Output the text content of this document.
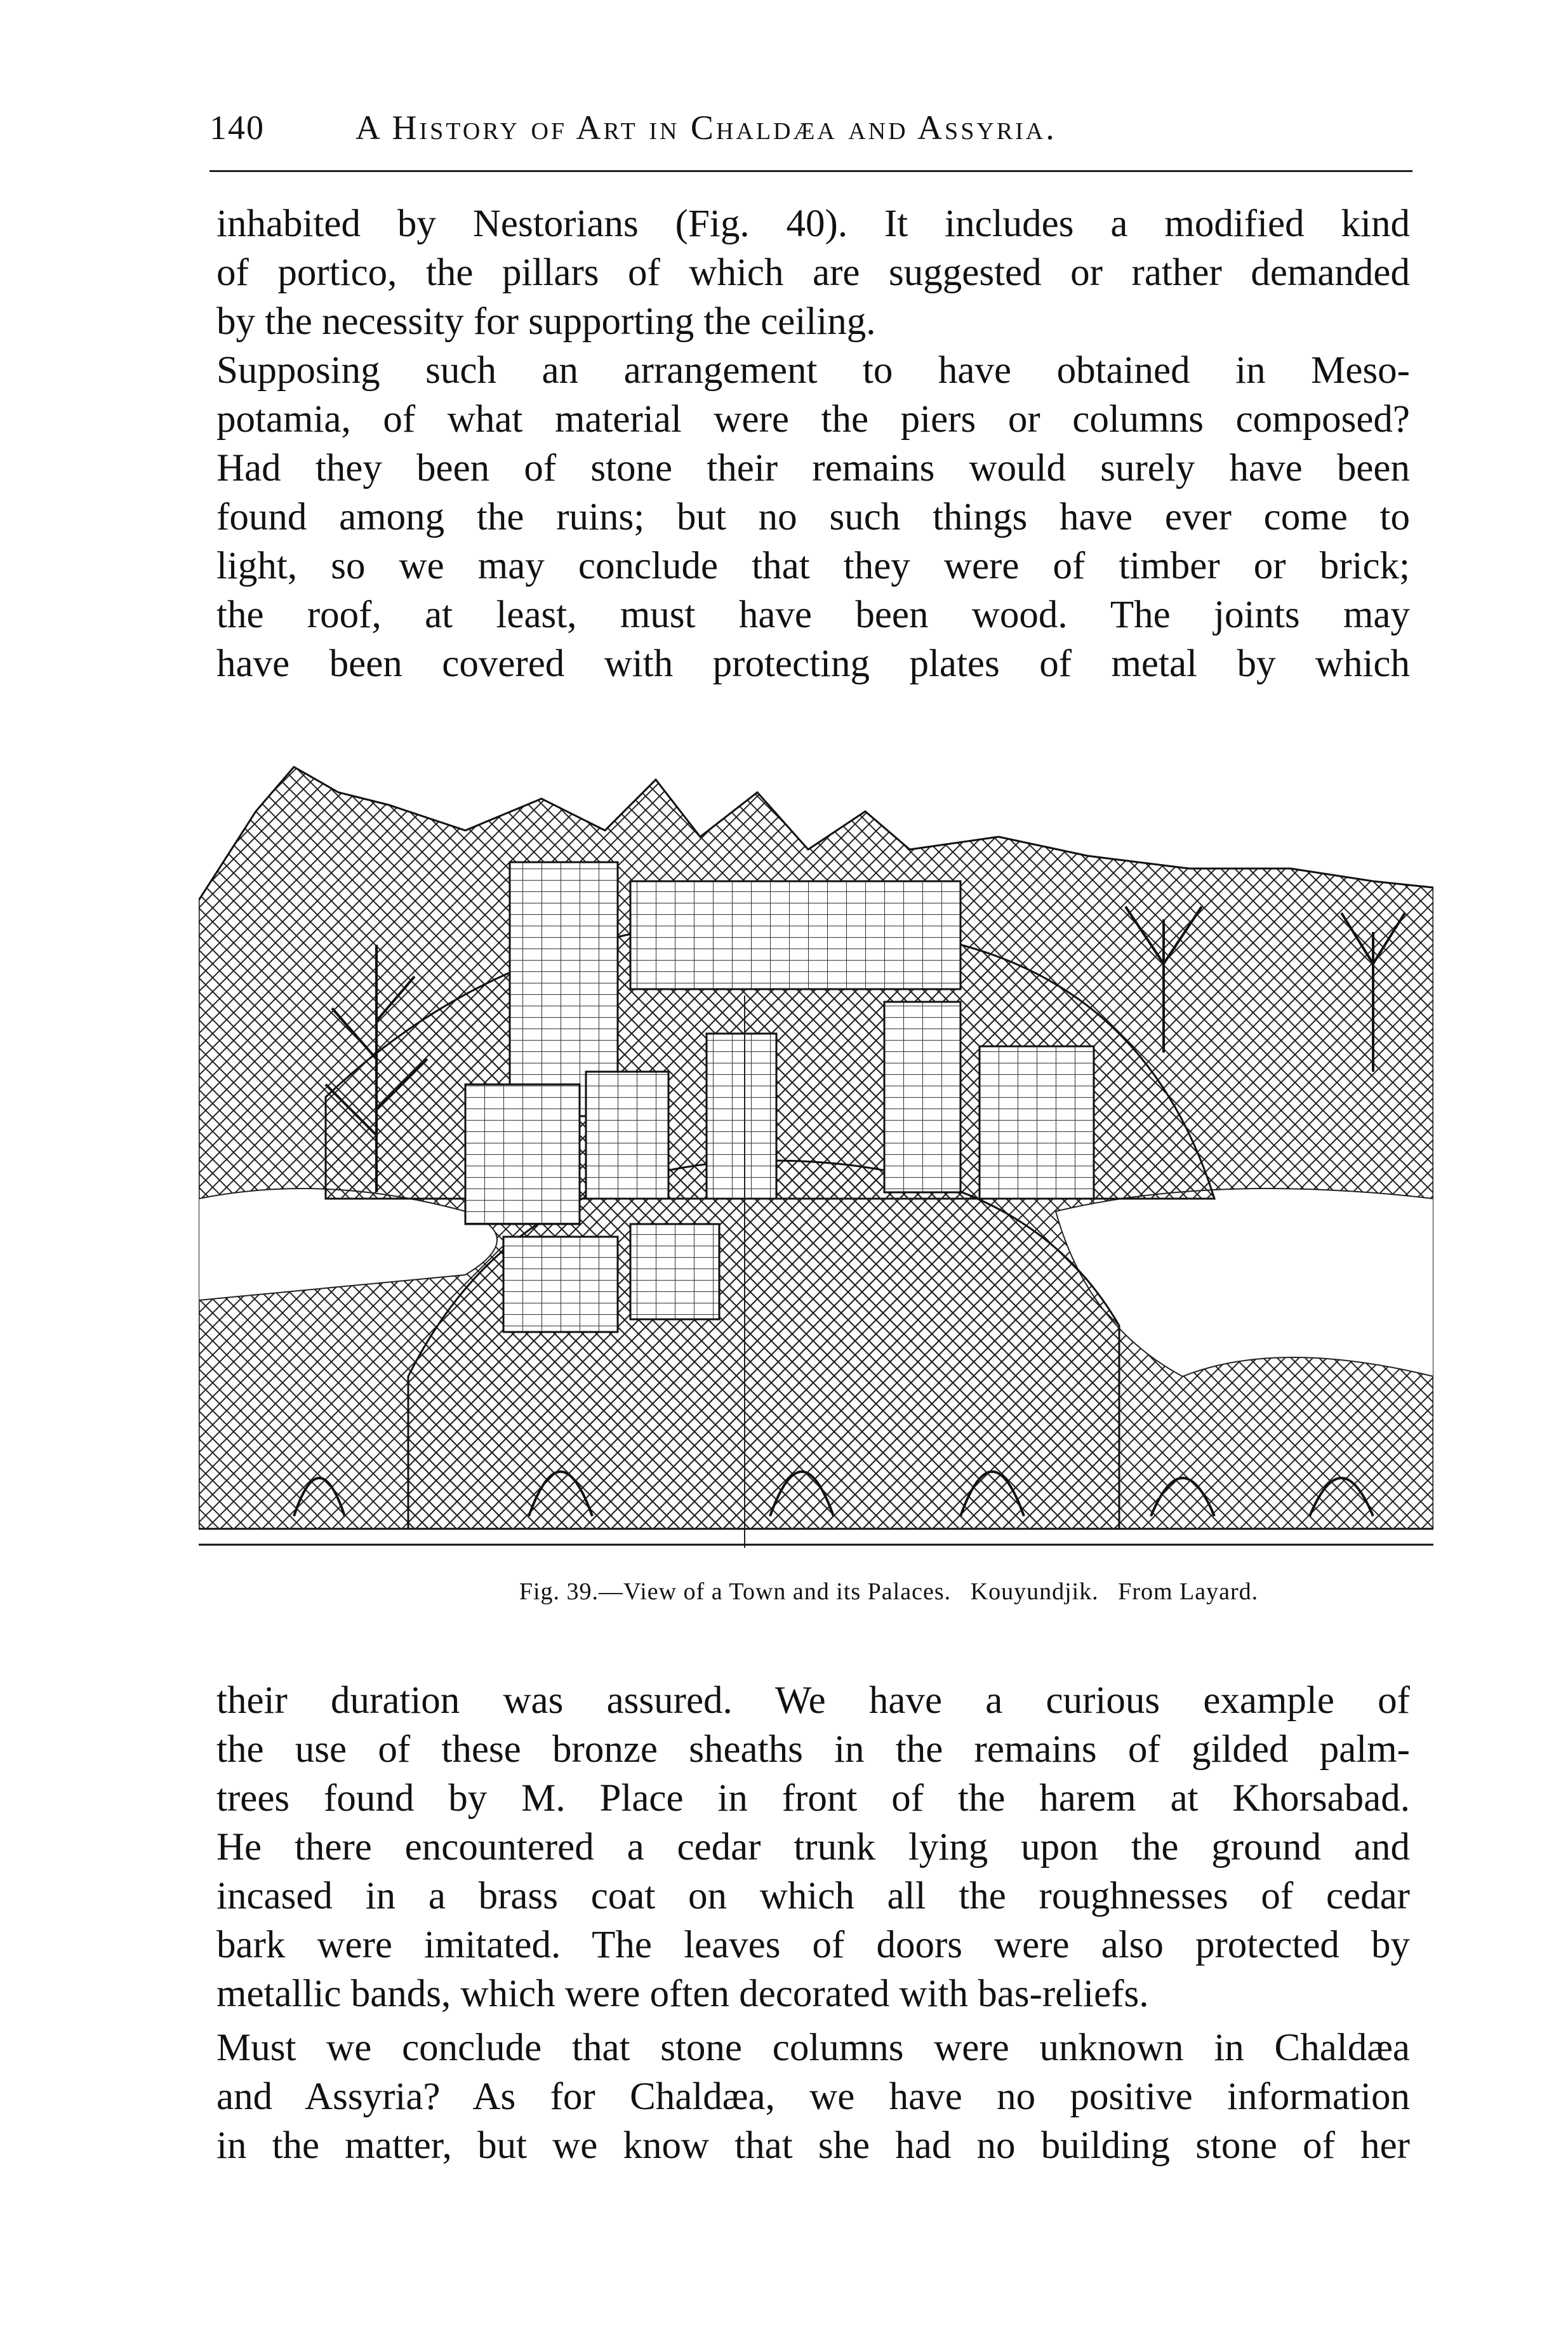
140	A History of Art in Chaldæa and Assyria.
inhabited by Nestorians (Fig. 40). It includes a modified kind
of portico, the pillars of which are suggested or rather demanded
by the necessity for supporting the ceiling.
Supposing such an arrangement to have obtained in Meso-
potamia, of what material were the piers or columns composed?
Had they been of stone their remains would surely have been
found among the ruins; but no such things have ever come to
light, so we may conclude that they were of timber or brick;
the roof, at least, must have been wood. The joints may
have been covered with protecting plates of metal by which
Fig. 39.—View of a Town and its Palaces. Kouyundjik. From Layard.
their duration was assured. We have a curious example of
the use of these bronze sheaths in the remains of gilded palm-
trees found by M. Place in front of the harem at Khorsabad.
He there encountered a cedar trunk lying upon the ground and
incased in a brass coat on which all the roughnesses of cedar
bark were imitated. The leaves of doors were also protected by
metallic bands, which were often decorated with bas-reliefs.
Must we conclude that stone columns were unknown in Chaldæa
and Assyria? As for Chaldæa, we have no positive information
in the matter, but we know that she had no building stone of her
